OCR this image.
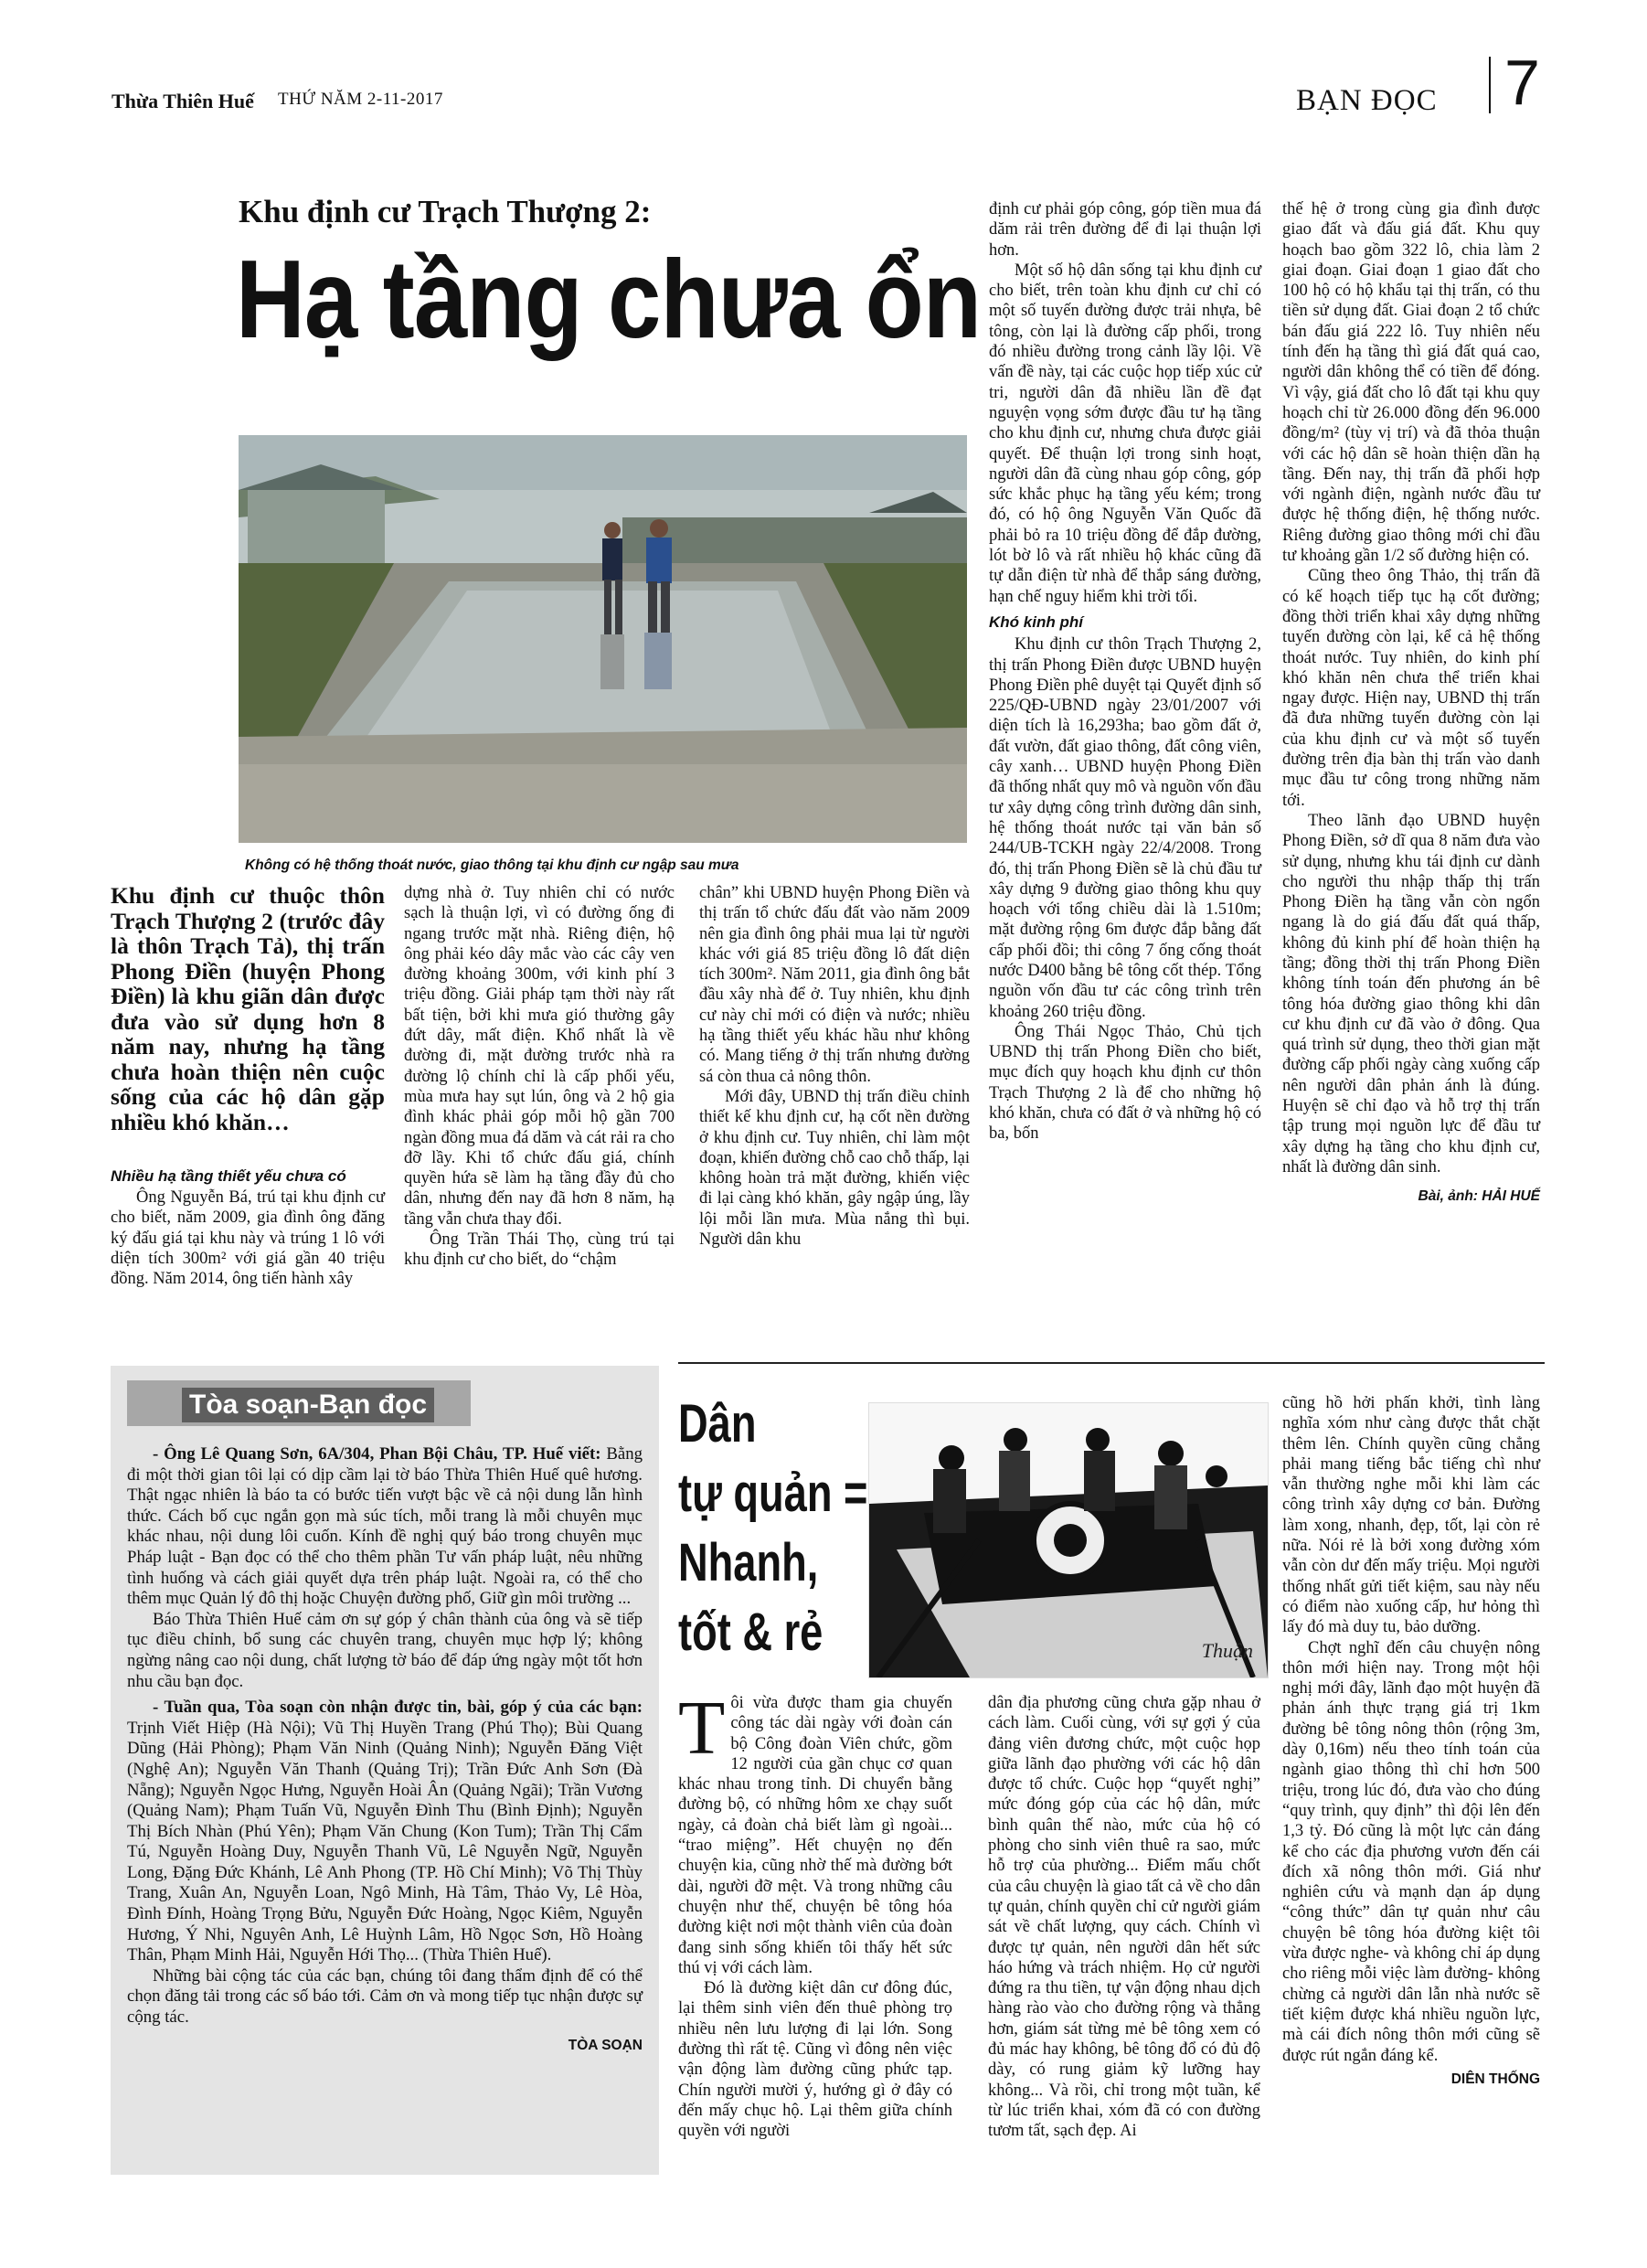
Thừa Thiên Huế THỨ NĂM 2-11-2017	BẠN ĐỌC 7
Khu định cư Trạch Thượng 2:
Hạ tầng chưa ổn
Không có hệ thống thoát nước, giao thông tại khu định cư ngập sau mưa
Khu định cư thuộc thôn Trạch Thượng 2 (trước đây là thôn Trạch Tả), thị trấn Phong Điền (huyện Phong Điền) là khu giãn dân được đưa vào sử dụng hơn 8 năm nay, nhưng hạ tầng chưa hoàn thiện nên cuộc sống của các hộ dân gặp nhiều khó khăn…
Nhiều hạ tầng thiết yếu chưa có

Ông Nguyễn Bá, trú tại khu định cư cho biết, năm 2009, gia đình ông đăng ký đấu giá tại khu này và trúng 1 lô với diện tích 300m² với giá gần 40 triệu đồng. Năm 2014, ông tiến hành xây

dựng nhà ở. Tuy nhiên chỉ có nước sạch là thuận lợi, vì có đường ống đi ngang trước mặt nhà. Riêng điện, hộ ông phải kéo dây mắc vào các cây ven đường khoảng 300m, với kinh phí 3 triệu đồng. Giải pháp tạm thời này rất bất tiện, bởi khi mưa gió thường gây đứt dây, mất điện. Khổ nhất là về đường đi, mặt đường trước nhà ra đường lộ chính chỉ là cấp phối yếu, mùa mưa hay sụt lún, ông và 2 hộ gia đình khác phải góp mỗi hộ gần 700 ngàn đồng mua đá dăm và cát rải ra cho đỡ lầy. Khi tổ chức đấu giá, chính quyền hứa sẽ làm hạ tầng đầy đủ cho dân, nhưng đến nay đã hơn 8 năm, hạ tầng vẫn chưa thay đổi.

Ông Trần Thái Thọ, cùng trú tại khu định cư cho biết, do “chậm

chân” khi UBND huyện Phong Điền và thị trấn tổ chức đấu đất vào năm 2009 nên gia đình ông phải mua lại từ người khác với giá 85 triệu đồng lô đất diện tích 300m². Năm 2011, gia đình ông bắt đầu xây nhà để ở. Tuy nhiên, khu định cư này chỉ mới có điện và nước; nhiều hạ tầng thiết yếu khác hầu như không có. Mang tiếng ở thị trấn nhưng đường sá còn thua cả nông thôn.

Mới đây, UBND thị trấn điều chỉnh thiết kế khu định cư, hạ cốt nền đường ở khu định cư. Tuy nhiên, chỉ làm một đoạn, khiến đường chỗ cao chỗ thấp, lại không hoàn trả mặt đường, khiến việc đi lại càng khó khăn, gây ngập úng, lầy lội mỗi lần mưa. Mùa nắng thì bụi. Người dân khu

định cư phải góp công, góp tiền mua đá dăm rải trên đường để đi lại thuận lợi hơn.

Một số hộ dân sống tại khu định cư cho biết, trên toàn khu định cư chỉ có một số tuyến đường được trải nhựa, bê tông, còn lại là đường cấp phối, trong đó nhiều đường trong cảnh lầy lội. Về vấn đề này, tại các cuộc họp tiếp xúc cử tri, người dân đã nhiều lần đề đạt nguyện vọng sớm được đầu tư hạ tầng cho khu định cư, nhưng chưa được giải quyết. Để thuận lợi trong sinh hoạt, người dân đã cùng nhau góp công, góp sức khắc phục hạ tầng yếu kém; trong đó, có hộ ông Nguyễn Văn Quốc đã phải bỏ ra 10 triệu đồng để đắp đường, lót bờ lô và rất nhiều hộ khác cũng đã tự dẫn điện từ nhà để thắp sáng đường, hạn chế nguy hiểm khi trời tối.

Khó kinh phí

Khu định cư thôn Trạch Thượng 2, thị trấn Phong Điền được UBND huyện Phong Điền phê duyệt tại Quyết định số 225/QĐ-UBND ngày 23/01/2007 với diện tích là 16,293ha; bao gồm đất ở, đất vườn, đất giao thông, đất công viên, cây xanh… UBND huyện Phong Điền đã thống nhất quy mô và nguồn vốn đầu tư xây dựng công trình đường dân sinh, hệ thống thoát nước tại văn bản số 244/UB-TCKH ngày 22/4/2008. Trong đó, thị trấn Phong Điền sẽ là chủ đầu tư xây dựng 9 đường giao thông khu quy hoạch với tổng chiều dài là 1.510m; mặt đường rộng 6m được đắp bằng đất cấp phối đồi; thi công 7 ống cống thoát nước D400 bằng bê tông cốt thép. Tổng nguồn vốn đầu tư các công trình trên khoảng 260 triệu đồng.

Ông Thái Ngọc Thảo, Chủ tịch UBND thị trấn Phong Điền cho biết, mục đích quy hoạch khu định cư thôn Trạch Thượng 2 là để cho những hộ khó khăn, chưa có đất ở và những hộ có ba, bốn

thế hệ ở trong cùng gia đình được giao đất và đấu giá đất. Khu quy hoạch bao gồm 322 lô, chia làm 2 giai đoạn. Giai đoạn 1 giao đất cho 100 hộ có hộ khẩu tại thị trấn, có thu tiền sử dụng đất. Giai đoạn 2 tổ chức bán đấu giá 222 lô. Tuy nhiên nếu tính đến hạ tầng thì giá đất quá cao, người dân không thể có tiền để đóng. Vì vậy, giá đất cho lô đất tại khu quy hoạch chỉ từ 26.000 đồng đến 96.000 đồng/m² (tùy vị trí) và đã thỏa thuận với các hộ dân sẽ hoàn thiện dần hạ tầng. Đến nay, thị trấn đã phối hợp với ngành điện, ngành nước đầu tư được hệ thống điện, hệ thống nước. Riêng đường giao thông mới chỉ đầu tư khoảng gần 1/2 số đường hiện có.

Cũng theo ông Thảo, thị trấn đã có kế hoạch tiếp tục hạ cốt đường; đồng thời triển khai xây dựng những tuyến đường còn lại, kể cả hệ thống thoát nước. Tuy nhiên, do kinh phí khó khăn nên chưa thể triển khai ngay được. Hiện nay, UBND thị trấn đã đưa những tuyến đường còn lại của khu định cư và một số tuyến đường trên địa bàn thị trấn vào danh mục đầu tư công trong những năm tới.

Theo lãnh đạo UBND huyện Phong Điền, sở dĩ qua 8 năm đưa vào sử dụng, nhưng khu tái định cư dành cho người thu nhập thấp thị trấn Phong Điền hạ tầng vẫn còn ngổn ngang là do giá đấu đất quá thấp, không đủ kinh phí để hoàn thiện hạ tầng; đồng thời thị trấn Phong Điền không tính toán đến phương án bê tông hóa đường giao thông khi dân cư khu định cư đã vào ở đông. Qua quá trình sử dụng, theo thời gian mặt đường cấp phối ngày càng xuống cấp nên người dân phản ánh là đúng. Huyện sẽ chỉ đạo và hỗ trợ thị trấn tập trung mọi nguồn lực để đầu tư xây dựng hạ tầng cho khu định cư, nhất là đường dân sinh.

Bài, ảnh: HẢI HUẾ
Tòa soạn-Bạn đọc

- Ông Lê Quang Sơn, 6A/304, Phan Bội Châu, TP. Huế viết: Bằng đi một thời gian tôi lại có dịp cầm lại tờ báo Thừa Thiên Huế quê hương. Thật ngạc nhiên là báo ta có bước tiến vượt bậc về cả nội dung lẫn hình thức. Cách bố cục ngắn gọn mà súc tích, mỗi trang là mỗi chuyên mục khác nhau, nội dung lôi cuốn. Kính đề nghị quý báo trong chuyên mục Pháp luật - Bạn đọc có thể cho thêm phần Tư vấn pháp luật, nêu những tình huống và cách giải quyết dựa trên pháp luật. Ngoài ra, có thể cho thêm mục Quản lý đô thị hoặc Chuyện đường phố, Giữ gìn môi trường ...

Báo Thừa Thiên Huế cảm ơn sự góp ý chân thành của ông và sẽ tiếp tục điều chỉnh, bổ sung các chuyên trang, chuyên mục hợp lý; không ngừng nâng cao nội dung, chất lượng tờ báo để đáp ứng ngày một tốt hơn nhu cầu bạn đọc.

- Tuần qua, Tòa soạn còn nhận được tin, bài, góp ý của các bạn: Trịnh Viết Hiệp (Hà Nội); Vũ Thị Huyền Trang (Phú Thọ); Bùi Quang Dũng (Hải Phòng); Phạm Văn Ninh (Quảng Ninh); Nguyễn Đăng Việt (Nghệ An); Nguyễn Văn Thanh (Quảng Trị); Trần Đức Anh Sơn (Đà Nẵng); Nguyễn Ngọc Hưng, Nguyễn Hoài Ân (Quảng Ngãi); Trần Vương (Quảng Nam); Phạm Tuấn Vũ, Nguyễn Đình Thu (Bình Định); Nguyễn Thị Bích Nhàn (Phú Yên); Phạm Văn Chung (Kon Tum); Trần Thị Cẩm Tú, Nguyễn Hoàng Duy, Nguyễn Thanh Vũ, Lê Nguyễn Ngữ, Nguyễn Long, Đặng Đức Khánh, Lê Anh Phong (TP. Hồ Chí Minh); Võ Thị Thùy Trang, Xuân An, Nguyễn Loan, Ngô Minh, Hà Tâm, Thảo Vy, Lê Hòa, Đình Đính, Hoàng Trọng Bửu, Nguyễn Đức Hoàng, Ngọc Kiêm, Nguyễn Hương, Ý Nhi, Nguyên Anh, Lê Huỳnh Lâm, Hồ Ngọc Sơn, Hồ Hoàng Thân, Phạm Minh Hải, Nguyễn Hới Thọ... (Thừa Thiên Huế).

Những bài cộng tác của các bạn, chúng tôi đang thẩm định để có thể chọn đăng tải trong các số báo tới. Cảm ơn và mong tiếp tục nhận được sự cộng tác.

TÒA SOẠN
Dân
tự quản =
Nhanh,
tốt & rẻ	Thuận
T ôi vừa được tham gia chuyến công tác dài ngày với đoàn cán bộ Công đoàn Viên chức, gồm 12 người của gần chục cơ quan khác nhau trong tỉnh. Di chuyển bằng đường bộ, có những hôm xe chạy suốt ngày, cả đoàn chả biết làm gì ngoài... “trao miệng”. Hết chuyện nọ đến chuyện kia, cũng nhờ thế mà đường bớt dài, người đỡ mệt. Và trong những câu chuyện như thế, chuyện bê tông hóa đường kiệt nơi một thành viên của đoàn đang sinh sống khiến tôi thấy hết sức thú vị với cách làm.

Đó là đường kiệt dân cư đông đúc, lại thêm sinh viên đến thuê phòng trọ nhiều nên lưu lượng đi lại lớn. Song đường thì rất tệ. Cũng vì đông nên việc vận động làm đường cũng phức tạp. Chín người mười ý, hướng gì ở đây có đến mấy chục hộ. Lại thêm giữa chính quyền với người

dân địa phương cũng chưa gặp nhau ở cách làm. Cuối cùng, với sự gợi ý của đảng viên đương chức, một cuộc họp giữa lãnh đạo phường với các hộ dân được tổ chức. Cuộc họp “quyết nghị” mức đóng góp của các hộ dân, mức bình quân thế nào, mức của hộ có phòng cho sinh viên thuê ra sao, mức hỗ trợ của phường... Điểm mấu chốt của câu chuyện là giao tất cả về cho dân tự quản, chính quyền chỉ cử người giám sát về chất lượng, quy cách. Chính vì được tự quản, nên người dân hết sức háo hứng và trách nhiệm. Họ cử người đứng ra thu tiền, tự vận động nhau dịch hàng rào vào cho đường rộng và thẳng hơn, giám sát từng mẻ bê tông xem có đủ mác hay không, bê tông đổ có đủ độ dày, có rung giảm kỹ lưỡng hay không... Và rồi, chỉ trong một tuần, kể từ lúc triển khai, xóm đã có con đường tươm tất, sạch đẹp. Ai

cũng hồ hởi phấn khởi, tình làng nghĩa xóm như càng được thắt chặt thêm lên. Chính quyền cũng chẳng phải mang tiếng bắc tiếng chì như vẫn thường nghe mỗi khi làm các công trình xây dựng cơ bản. Đường làm xong, nhanh, đẹp, tốt, lại còn rẻ nữa. Nói rẻ là bởi xong đường xóm vẫn còn dư đến mấy triệu. Mọi người thống nhất gửi tiết kiệm, sau này nếu có điểm nào xuống cấp, hư hỏng thì lấy đó mà duy tu, bảo dưỡng.

Chợt nghĩ đến câu chuyện nông thôn mới hiện nay. Trong một hội nghị mới đây, lãnh đạo một huyện đã phản ánh thực trạng giá trị 1km đường bê tông nông thôn (rộng 3m, dày 0,16m) nếu theo tính toán của ngành giao thông thì chỉ hơn 500 triệu, trong lúc đó, đưa vào cho đúng “quy trình, quy định” thì đội lên đến 1,3 tỷ. Đó cũng là một lực cản đáng kể cho các địa phương vươn đến cái đích xã nông thôn mới. Giá như nghiên cứu và mạnh dạn áp dụng “công thức” dân tự quản như câu chuyện bê tông hóa đường kiệt tôi vừa được nghe- và không chỉ áp dụng cho riêng mỗi việc làm đường- không chừng cả người dân lẫn nhà nước sẽ tiết kiệm được khá nhiều nguồn lực, mà cái đích nông thôn mới cũng sẽ được rút ngắn đáng kể.

DIÊN THỐNG
